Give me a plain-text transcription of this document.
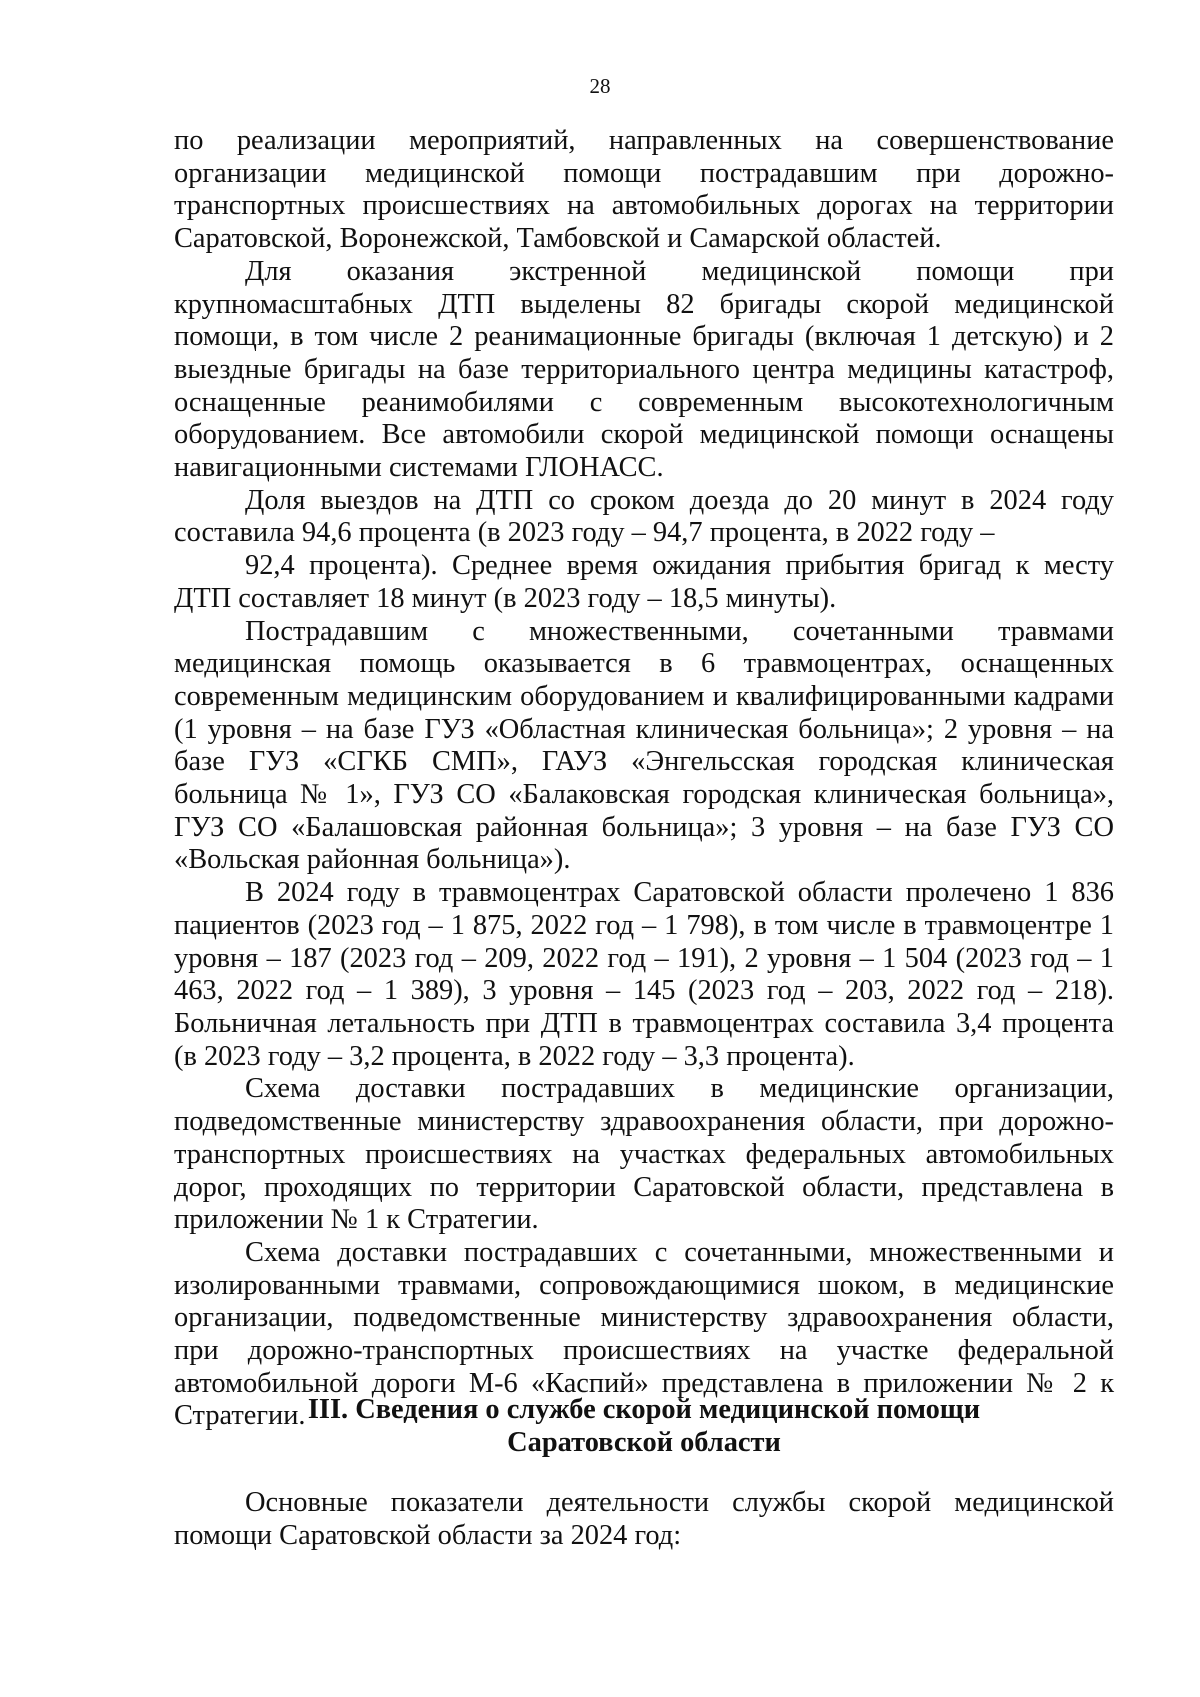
28

по реализации мероприятий, направленных на совершенствование организации медицинской помощи пострадавшим при дорожно-транспортных происшествиях на автомобильных дорогах на территории Саратовской, Воронежской, Тамбовской и Самарской областей.

Для оказания экстренной медицинской помощи при крупномасштабных ДТП выделены 82 бригады скорой медицинской помощи, в том числе 2 реанимационные бригады (включая 1 детскую) и 2 выездные бригады на базе территориального центра медицины катастроф, оснащенные реанимобилями с современным высокотехнологичным оборудованием. Все автомобили скорой медицинской помощи оснащены навигационными системами ГЛОНАСС.

Доля выездов на ДТП со сроком доезда до 20 минут в 2024 году составила 94,6 процента (в 2023 году – 94,7 процента, в 2022 году –

92,4 процента). Среднее время ожидания прибытия бригад к месту ДТП составляет 18 минут (в 2023 году – 18,5 минуты).

Пострадавшим с множественными, сочетанными травмами медицинская помощь оказывается в 6 травмоцентрах, оснащенных современным медицинским оборудованием и квалифицированными кадрами (1 уровня – на базе ГУЗ «Областная клиническая больница»; 2 уровня – на базе ГУЗ «СГКБ СМП», ГАУЗ «Энгельсская городская клиническая больница № 1», ГУЗ СО «Балаковская городская клиническая больница», ГУЗ СО «Балашовская районная больница»; 3 уровня – на базе ГУЗ СО «Вольская районная больница»).

В 2024 году в травмоцентрах Саратовской области пролечено 1 836 пациентов (2023 год – 1 875, 2022 год – 1 798), в том числе в травмоцентре 1 уровня – 187 (2023 год – 209, 2022 год – 191), 2 уровня – 1 504 (2023 год – 1 463, 2022 год – 1 389), 3 уровня – 145 (2023 год – 203, 2022 год – 218). Больничная летальность при ДТП в травмоцентрах составила 3,4 процента (в 2023 году – 3,2 процента, в 2022 году – 3,3 процента).

Схема доставки пострадавших в медицинские организации, подведомственные министерству здравоохранения области, при дорожно-транспортных происшествиях на участках федеральных автомобильных дорог, проходящих по территории Саратовской области, представлена в приложении № 1 к Стратегии.

Схема доставки пострадавших с сочетанными, множественными и изолированными травмами, сопровождающимися шоком, в медицинские организации, подведомственные министерству здравоохранения области, при дорожно-транспортных происшествиях на участке федеральной автомобильной дороги М-6 «Каспий» представлена в приложении № 2 к Стратегии. III. Сведения о службе скорой медицинской помощи
Саратовской области

Основные показатели деятельности службы скорой медицинской помощи Саратовской области за 2024 год:
